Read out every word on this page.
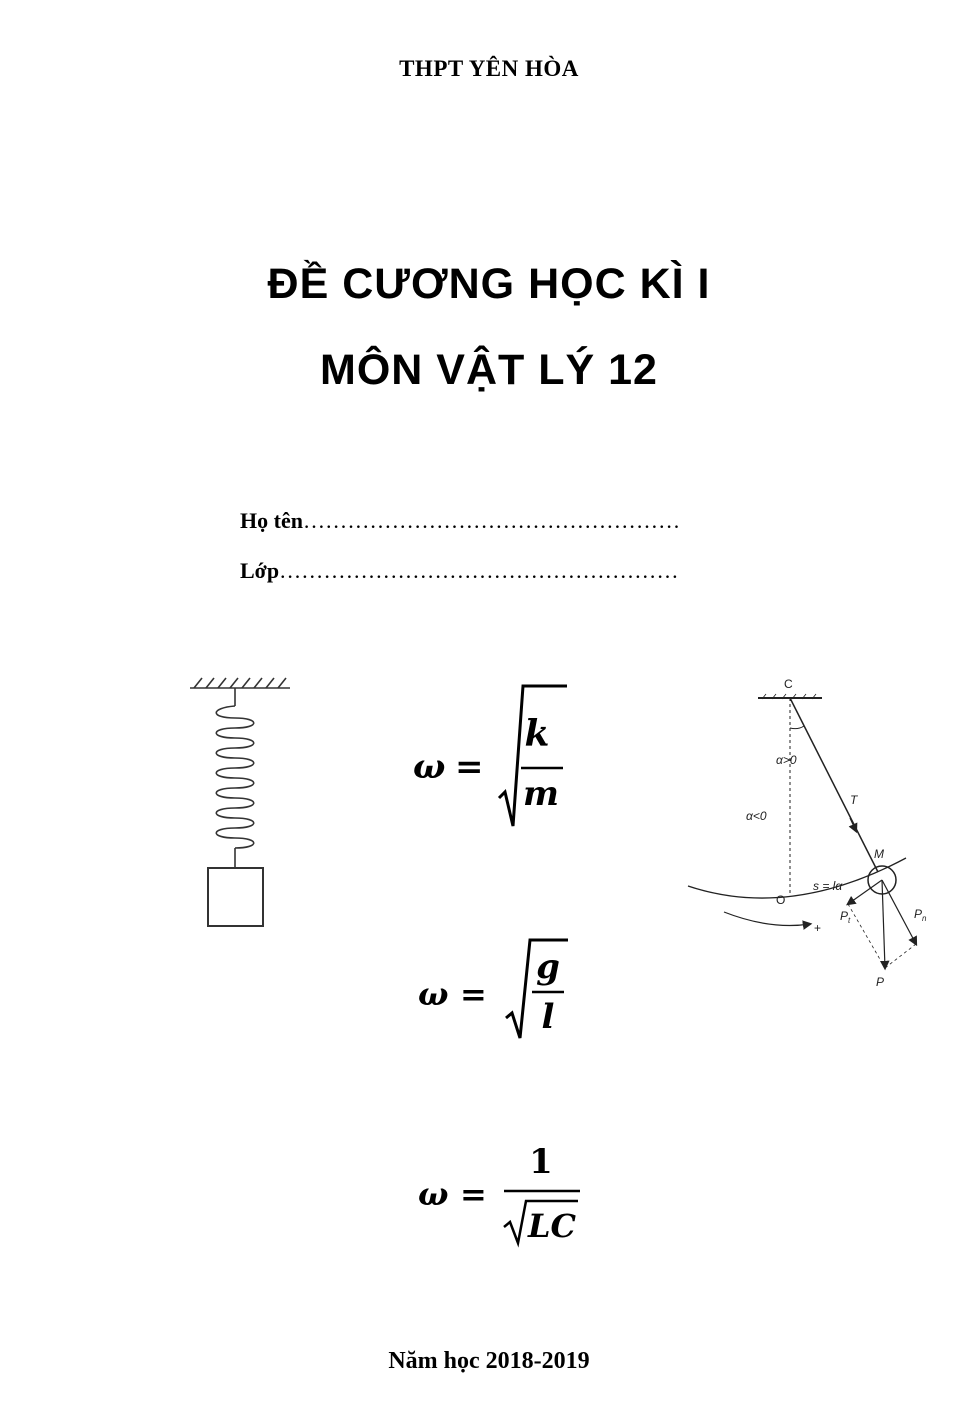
THPT YÊN HÒA
ĐỀ CƯƠNG HỌC KÌ I
MÔN VẬT LÝ 12
Họ tên……………………………………………
Lớp………………………………………………
ω =
k
m
ω =
g
l
ω =
1
LC
C
α>0
α<0
T
M
O
s = lα
$P_t$	$P_n$
P
+
Năm học 2018-2019
